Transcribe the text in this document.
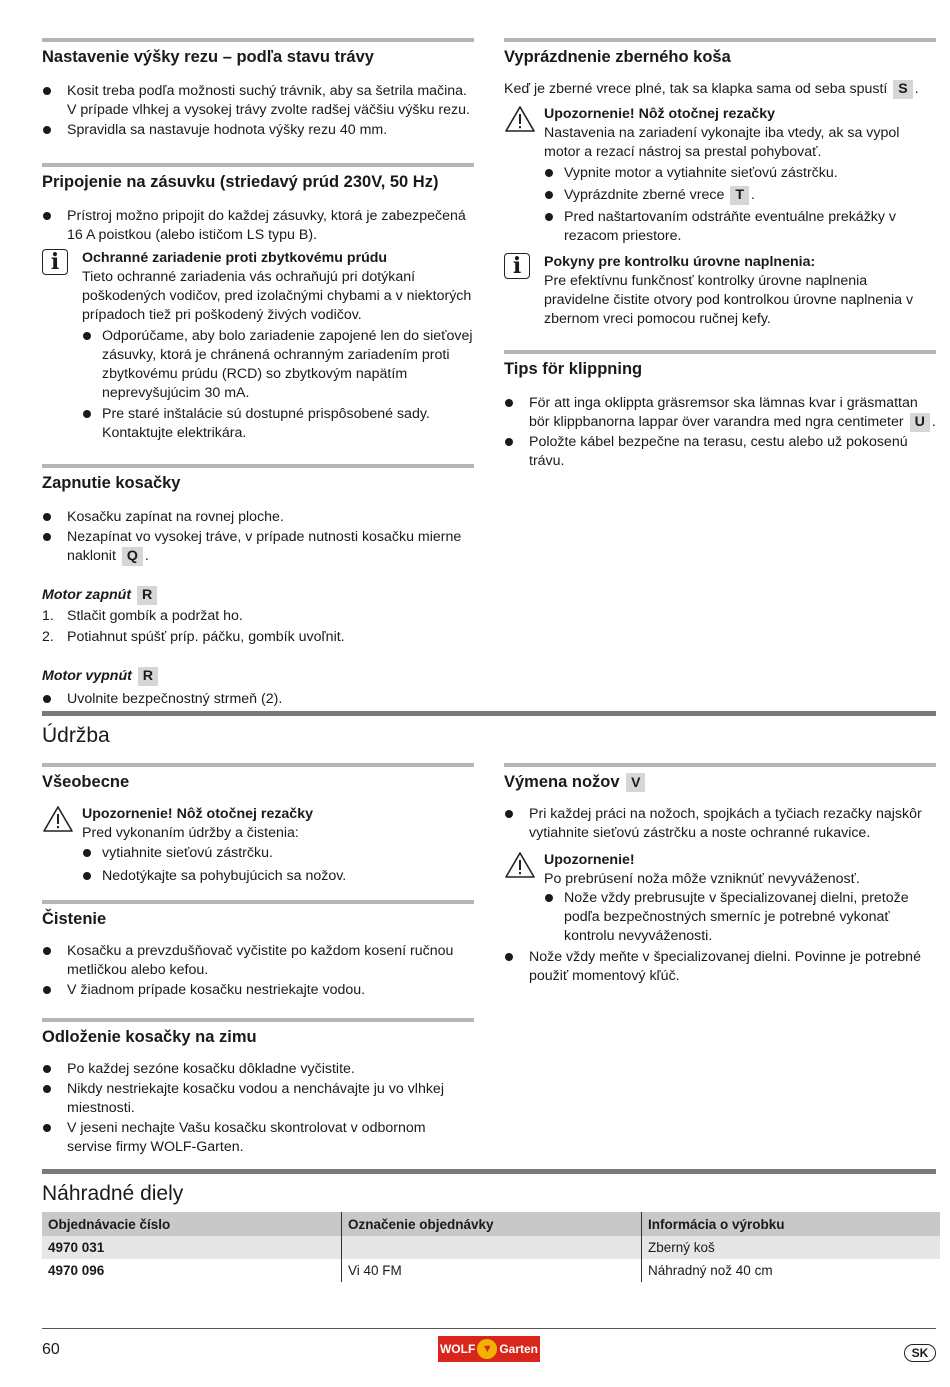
Nastavenie výšky rezu – podľa stavu trávy
Kosit treba podľa možnosti suchý trávnik, aby sa šetrila mačina. V prípade vlhkej a vysokej trávy zvolte radšej väčšiu výšku rezu.
Spravidla sa nastavuje hodnota výšky rezu 40 mm.
Pripojenie na zásuvku (striedavý prúd 230V, 50 Hz)
Prístroj možno pripojit do každej zásuvky, ktorá je zabezpečená 16 A poistkou (alebo ističom LS typu B).
i	Ochranné zariadenie proti zbytkovému prúdu

Tieto ochranné zariadenia vás ochraňujú pri dotýkaní poškodených vodičov, pred izolačnými chybami a v niektorých prípadoch tiež pri poškodený živých vodičov.

Odporúčame, aby bolo zariadenie zapojené len do sieťovej zásuvky, ktorá je chránená ochranným zariadením proti zbytkovému prúdu (RCD) so zbytkovým napätím neprevyšujúcim 30 mA.
Pre staré inštalácie sú dostupné prispôsobené sady. Kontaktujte elektrikára.
Zapnutie kosačky
Kosačku zapínat na rovnej ploche.
Nezapínat vo vysokej tráve, v prípade nutnosti kosačku mierne naklonit Q .

Motor zapnút R

1. Stlačit gombík a podržat ho.
2. Potiahnut spúšť príp. páčku, gombík uvoľnit.

Motor vypnút R

Uvolnite bezpečnostný strmeň (2).
Vyprázdnenie zberného koša

Keď je zberné vrece plné, tak sa klapka sama od seba spustí S .

Upozornenie! Nôž otočnej rezačky

Nastavenia na zariadení vykonajte iba vtedy, ak sa vypol motor a rezací nástroj sa prestal pohybovať.

Vypnite motor a vytiahnite sieťovú zástrčku.
Vyprázdnite zberné vrece T .
Pred naštartovaním odstráňte eventuálne prekážky v rezacom priestore.
i	Pokyny pre kontrolku úrovne naplnenia:

Pre efektívnu funkčnosť kontrolky úrovne naplnenia pravidelne čistite otvory pod kontrolkou úrovne naplnenia v zbernom vreci pomocou ručnej kefy.

Tips för klippning
För att inga oklippta gräsremsor ska lämnas kvar i gräsmattan bör klippbanorna lappar över varandra med ngra centimeter U .
Položte kábel bezpečne na terasu, cestu alebo už pokosenú trávu.
Údržba
Všeobecne

Upozornenie! Nôž otočnej rezačky

Pred vykonaním údržby a čistenia:

vytiahnite sieťovú zástrčku.
Nedotýkajte sa pohybujúcich sa nožov.
Čistenie
Kosačku a prevzdušňovač vyčistite po každom kosení ručnou metličkou alebo kefou.
V žiadnom prípade kosačku nestriekajte vodou.
Odloženie kosačky na zimu
Po každej sezóne kosačku dôkladne vyčistite.
Nikdy nestriekajte kosačku vodou a nenchávajte ju vo vlhkej miestnosti.
V jeseni nechajte Vašu kosačku skontrolovat v odbornom servise firmy WOLF-Garten.
Výmena nožov V
Pri každej práci na nožoch, spojkách a tyčiach rezačky najskôr vytiahnite sieťovú zástrčku a noste ochranné rukavice.

Upozornenie!

Po prebrúsení noža môže vzniknúť nevyváženosť.

Nože vždy prebrusujte v špecializovanej dielni, pretože podľa bezpečnostných smerníc je potrebné vykonať kontrolu nevyváženosti.
Nože vždy meňte v špecializovanej dielni. Povinne je potrebné použiť momentový kľúč.
Náhradné diely
Objednávacie číslo	Označenie objednávky	Informácia o výrobku
4970 031		Zberný koš
4970 096	Vi 40 FM	Náhradný nož 40 cm
60	WOLF ▼ Garten	SK
